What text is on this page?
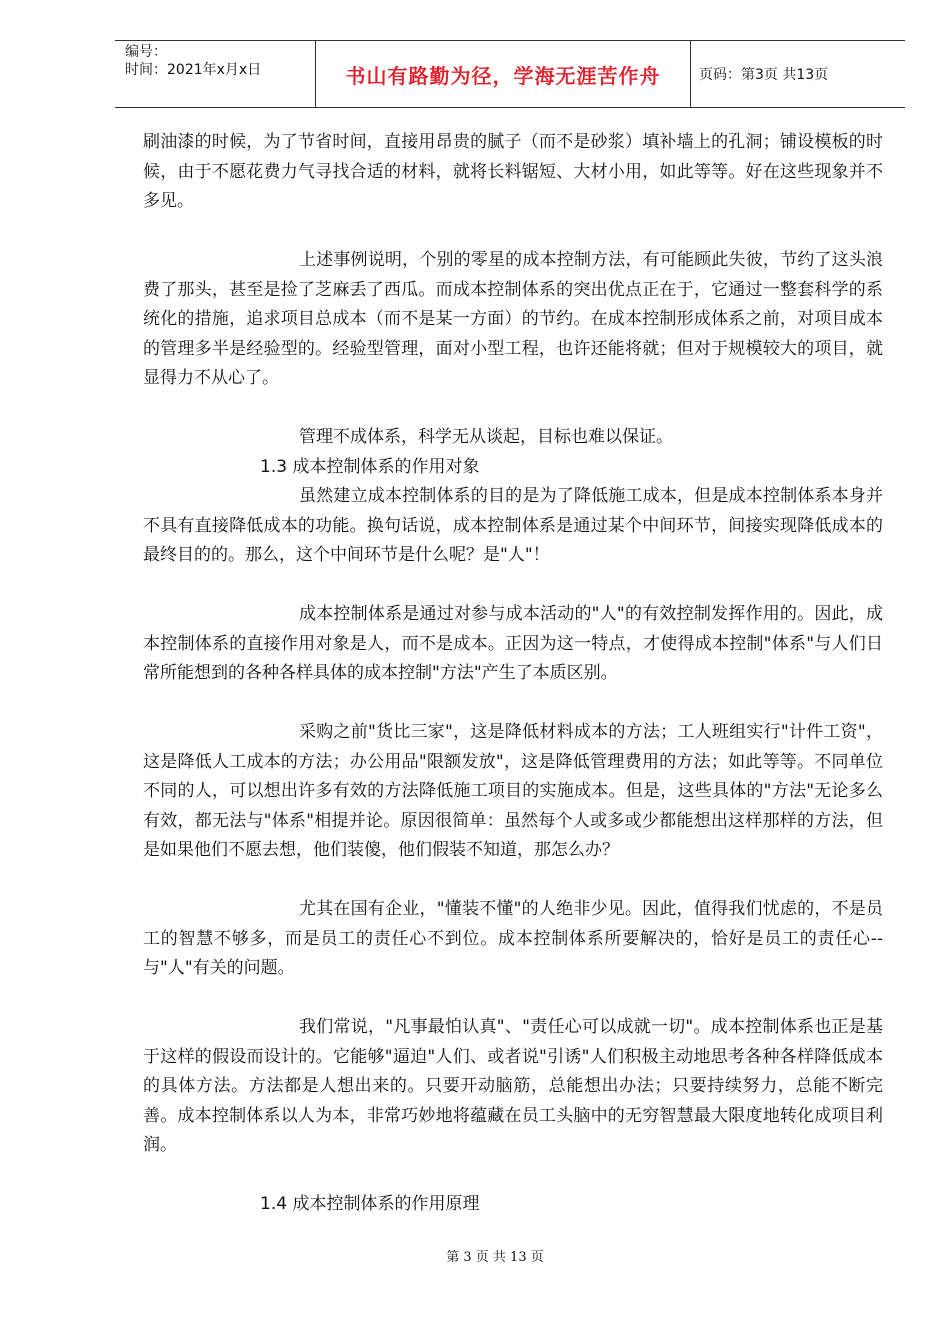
编号：
时间：2021年x月x日	书山有路勤为径，学海无涯苦作舟	页码：第3页 共13页

刷油漆的时候，为了节省时间，直接用昂贵的腻子（而不是砂浆）填补墙上的孔洞；铺设模板的时候，由于不愿花费力气寻找合适的材料，就将长料锯短、大材小用，如此等等。好在这些现象并不多见。

上述事例说明，个别的零星的成本控制方法，有可能顾此失彼，节约了这头浪费了那头，甚至是捡了芝麻丢了西瓜。而成本控制体系的突出优点正在于，它通过一整套科学的系统化的措施，追求项目总成本（而不是某一方面）的节约。在成本控制形成体系之前，对项目成本的管理多半是经验型的。经验型管理，面对小型工程，也许还能将就；但对于规模较大的项目，就显得力不从心了。

管理不成体系，科学无从谈起，目标也难以保证。

1.3 成本控制体系的作用对象

虽然建立成本控制体系的目的是为了降低施工成本，但是成本控制体系本身并不具有直接降低成本的功能。换句话说，成本控制体系是通过某个中间环节，间接实现降低成本的最终目的的。那么，这个中间环节是什么呢？是"人"！

成本控制体系是通过对参与成本活动的"人"的有效控制发挥作用的。因此，成本控制体系的直接作用对象是人，而不是成本。正因为这一特点，才使得成本控制"体系"与人们日常所能想到的各种各样具体的成本控制"方法"产生了本质区别。

采购之前"货比三家"，这是降低材料成本的方法；工人班组实行"计件工资"，这是降低人工成本的方法；办公用品"限额发放"，这是降低管理费用的方法；如此等等。不同单位不同的人，可以想出许多有效的方法降低施工项目的实施成本。但是，这些具体的"方法"无论多么有效，都无法与"体系"相提并论。原因很简单：虽然每个人或多或少都能想出这样那样的方法，但是如果他们不愿去想，他们装傻，他们假装不知道，那怎么办？

尤其在国有企业，"懂装不懂"的人绝非少见。因此，值得我们忧虑的，不是员工的智慧不够多，而是员工的责任心不到位。成本控制体系所要解决的，恰好是员工的责任心--与"人"有关的问题。

我们常说，"凡事最怕认真"、"责任心可以成就一切"。成本控制体系也正是基于这样的假设而设计的。它能够"逼迫"人们、或者说"引诱"人们积极主动地思考各种各样降低成本的具体方法。方法都是人想出来的。只要开动脑筋，总能想出办法；只要持续努力，总能不断完善。成本控制体系以人为本，非常巧妙地将蕴藏在员工头脑中的无穷智慧最大限度地转化成项目利润。

1.4 成本控制体系的作用原理

第 3 页 共 13 页
